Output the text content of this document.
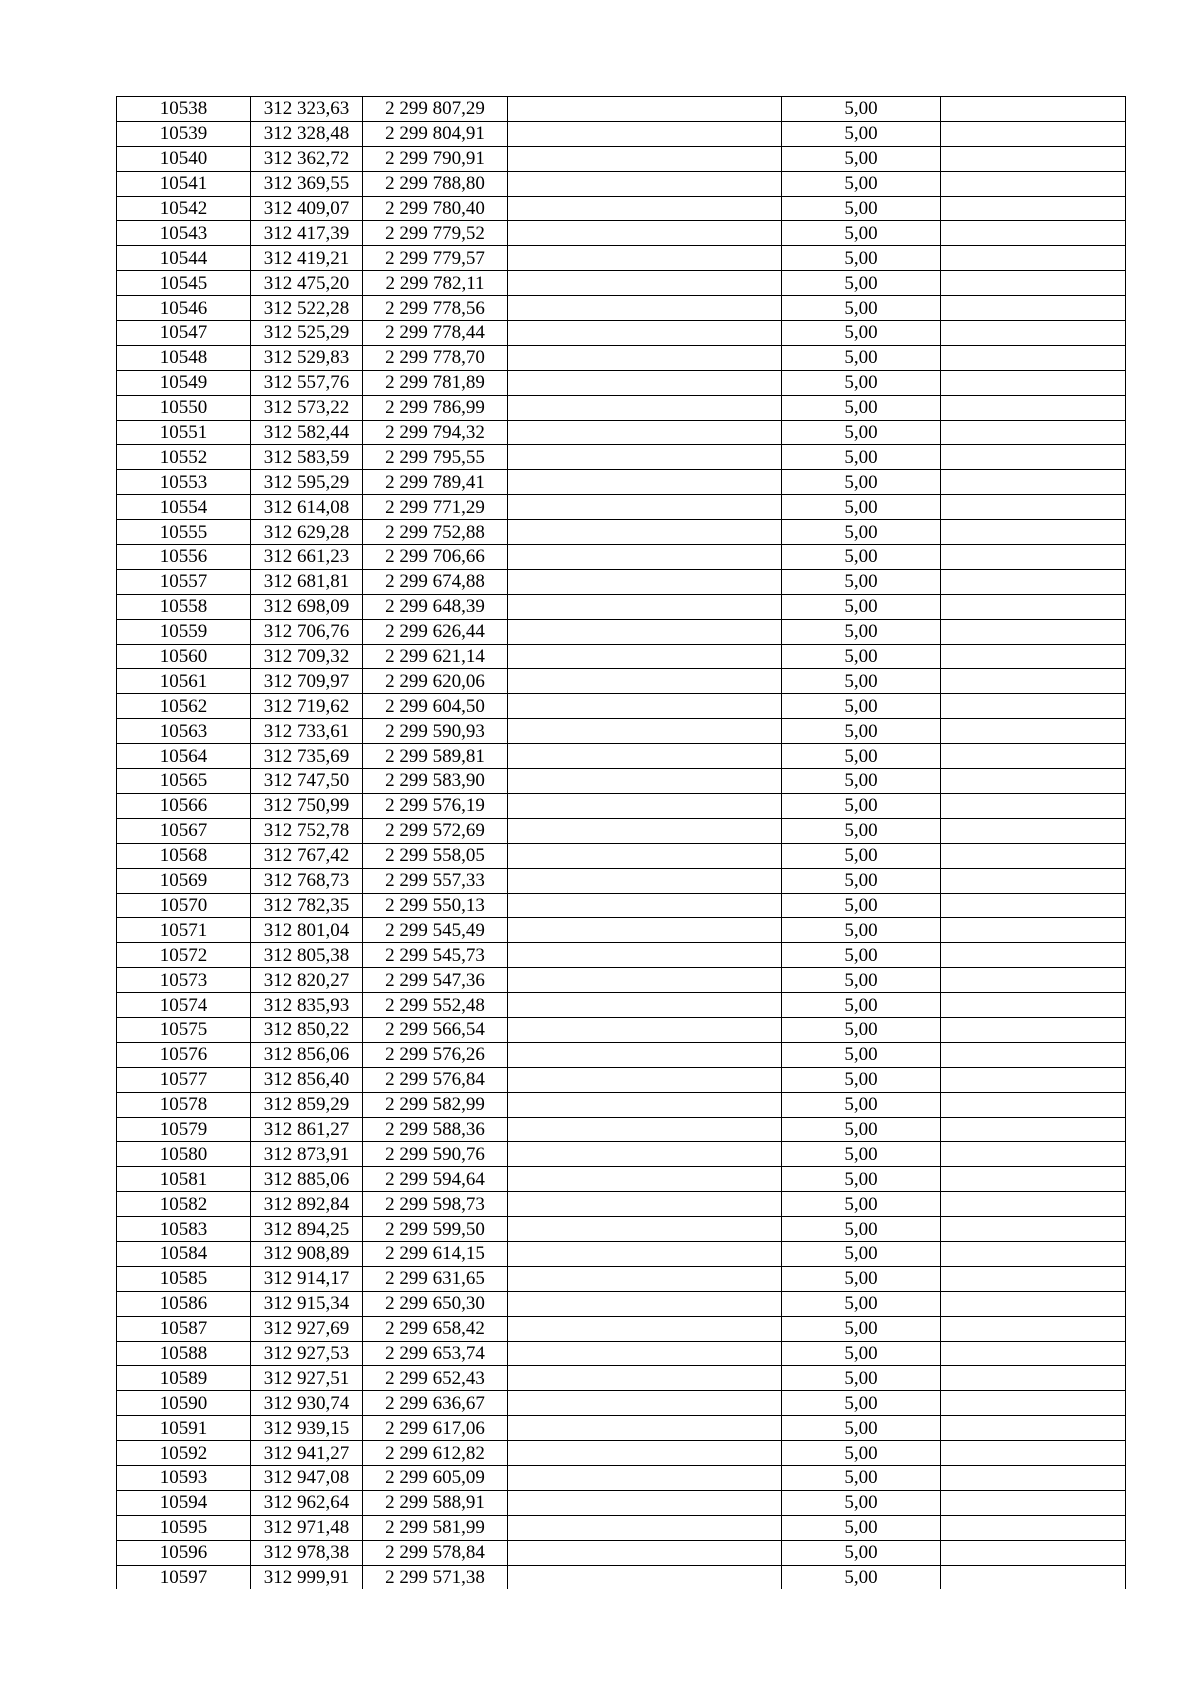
10538	312 323,63	2 299 807,29		5,00	
10539	312 328,48	2 299 804,91		5,00	
10540	312 362,72	2 299 790,91		5,00	
10541	312 369,55	2 299 788,80		5,00	
10542	312 409,07	2 299 780,40		5,00	
10543	312 417,39	2 299 779,52		5,00	
10544	312 419,21	2 299 779,57		5,00	
10545	312 475,20	2 299 782,11		5,00	
10546	312 522,28	2 299 778,56		5,00	
10547	312 525,29	2 299 778,44		5,00	
10548	312 529,83	2 299 778,70		5,00	
10549	312 557,76	2 299 781,89		5,00	
10550	312 573,22	2 299 786,99		5,00	
10551	312 582,44	2 299 794,32		5,00	
10552	312 583,59	2 299 795,55		5,00	
10553	312 595,29	2 299 789,41		5,00	
10554	312 614,08	2 299 771,29		5,00	
10555	312 629,28	2 299 752,88		5,00	
10556	312 661,23	2 299 706,66		5,00	
10557	312 681,81	2 299 674,88		5,00	
10558	312 698,09	2 299 648,39		5,00	
10559	312 706,76	2 299 626,44		5,00	
10560	312 709,32	2 299 621,14		5,00	
10561	312 709,97	2 299 620,06		5,00	
10562	312 719,62	2 299 604,50		5,00	
10563	312 733,61	2 299 590,93		5,00	
10564	312 735,69	2 299 589,81		5,00	
10565	312 747,50	2 299 583,90		5,00	
10566	312 750,99	2 299 576,19		5,00	
10567	312 752,78	2 299 572,69		5,00	
10568	312 767,42	2 299 558,05		5,00	
10569	312 768,73	2 299 557,33		5,00	
10570	312 782,35	2 299 550,13		5,00	
10571	312 801,04	2 299 545,49		5,00	
10572	312 805,38	2 299 545,73		5,00	
10573	312 820,27	2 299 547,36		5,00	
10574	312 835,93	2 299 552,48		5,00	
10575	312 850,22	2 299 566,54		5,00	
10576	312 856,06	2 299 576,26		5,00	
10577	312 856,40	2 299 576,84		5,00	
10578	312 859,29	2 299 582,99		5,00	
10579	312 861,27	2 299 588,36		5,00	
10580	312 873,91	2 299 590,76		5,00	
10581	312 885,06	2 299 594,64		5,00	
10582	312 892,84	2 299 598,73		5,00	
10583	312 894,25	2 299 599,50		5,00	
10584	312 908,89	2 299 614,15		5,00	
10585	312 914,17	2 299 631,65		5,00	
10586	312 915,34	2 299 650,30		5,00	
10587	312 927,69	2 299 658,42		5,00	
10588	312 927,53	2 299 653,74		5,00	
10589	312 927,51	2 299 652,43		5,00	
10590	312 930,74	2 299 636,67		5,00	
10591	312 939,15	2 299 617,06		5,00	
10592	312 941,27	2 299 612,82		5,00	
10593	312 947,08	2 299 605,09		5,00	
10594	312 962,64	2 299 588,91		5,00	
10595	312 971,48	2 299 581,99		5,00	
10596	312 978,38	2 299 578,84		5,00	
10597	312 999,91	2 299 571,38		5,00	
